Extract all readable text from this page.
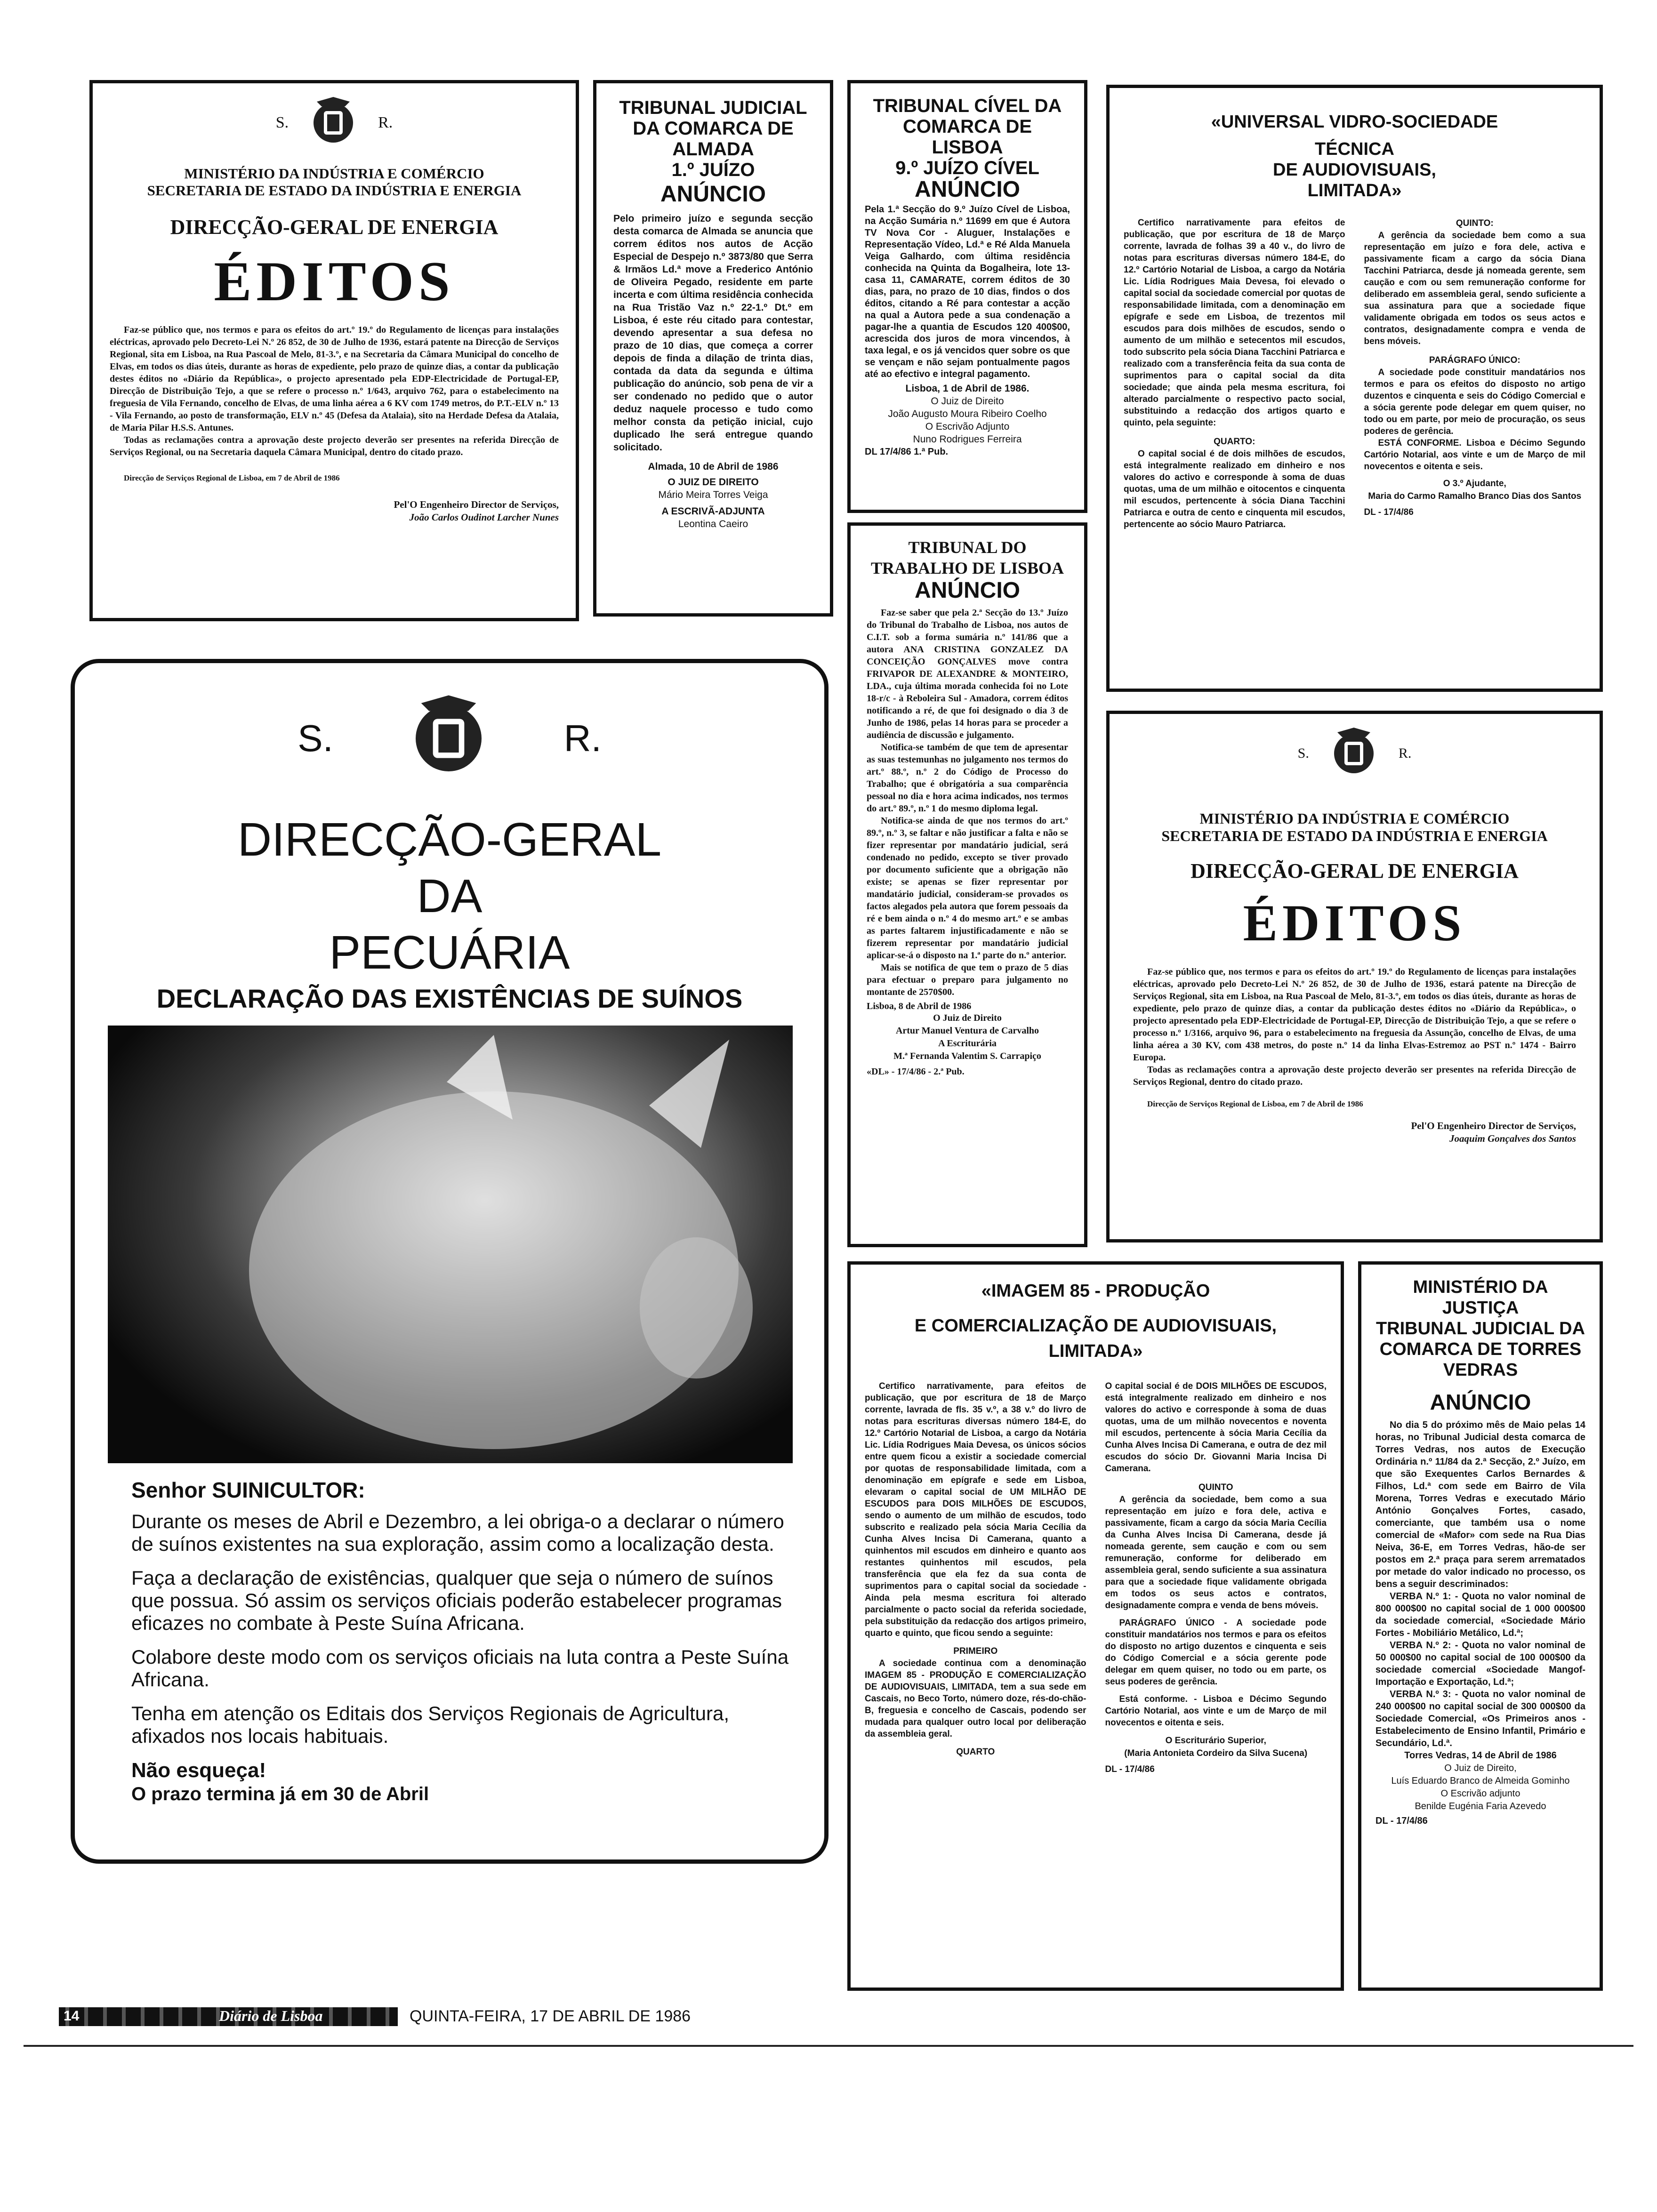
S.	R.

MINISTÉRIO DA INDÚSTRIA E COMÉRCIO

SECRETARIA DE ESTADO DA INDÚSTRIA E ENERGIA

DIRECÇÃO-GERAL DE ENERGIA

ÉDITOS

Faz-se público que, nos termos e para os efeitos do art.º 19.º do Regulamento de licenças para instalações eléctricas, aprovado pelo Decreto-Lei N.º 26 852, de 30 de Julho de 1936, estará patente na Direcção de Serviços Regional, sita em Lisboa, na Rua Pascoal de Melo, 81-3.º, e na Secretaria da Câmara Municipal do concelho de Elvas, em todos os dias úteis, durante as horas de expediente, pelo prazo de quinze dias, a contar da publicação destes éditos no «Diário da República», o projecto apresentado pela EDP-Electricidade de Portugal-EP, Direcção de Distribuição Tejo, a que se refere o processo n.º 1/643, arquivo 762, para o estabelecimento na freguesia de Vila Fernando, concelho de Elvas, de uma linha aérea a 6 KV com 1749 metros, do P.T.-ELV n.º 13 - Vila Fernando, ao posto de transformação, ELV n.º 45 (Defesa da Atalaia), sito na Herdade Defesa da Atalaia, de Maria Pilar H.S.S. Antunes.

Todas as reclamações contra a aprovação deste projecto deverão ser presentes na referida Direcção de Serviços Regional, ou na Secretaria daquela Câmara Municipal, dentro do citado prazo.

Direcção de Serviços Regional de Lisboa, em 7 de Abril de 1986

Pel'O Engenheiro Director de Serviços,

João Carlos Oudinot Larcher Nunes

TRIBUNAL JUDICIAL DA COMARCA DE ALMADA

1.º JUÍZO

ANÚNCIO

Pelo primeiro juízo e segunda secção desta comarca de Almada se anuncia que correm éditos nos autos de Acção Especial de Despejo n.º 3873/80 que Serra & Irmãos Ld.ª move a Frederico António de Oliveira Pegado, residente em parte incerta e com última residência conhecida na Rua Tristão Vaz n.º 22-1.º Dt.º em Lisboa, é este réu citado para contestar, devendo apresentar a sua defesa no prazo de 10 dias, que começa a correr depois de finda a dilação de trinta dias, contada da data da segunda e última publicação do anúncio, sob pena de vir a ser condenado no pedido que o autor deduz naquele processo e tudo como melhor consta da petição inicial, cujo duplicado lhe será entregue quando solicitado.

Almada, 10 de Abril de 1986

O JUIZ DE DIREITO

Mário Meira Torres Veiga

A ESCRIVÃ-ADJUNTA

Leontina Caeiro

TRIBUNAL CÍVEL DA COMARCA DE LISBOA

9.º JUÍZO CÍVEL

ANÚNCIO

Pela 1.ª Secção do 9.º Juízo Cível de Lisboa, na Acção Sumária n.º 11699 em que é Autora TV Nova Cor - Aluguer, Instalações e Representação Vídeo, Ld.ª e Ré Alda Manuela Veiga Galhardo, com última residência conhecida na Quinta da Bogalheira, lote 13-casa 11, CAMARATE, correm éditos de 30 dias, para, no prazo de 10 dias, findos o dos éditos, citando a Ré para contestar a acção na qual a Autora pede a sua condenação a pagar-lhe a quantia de Escudos 120 400$00, acrescida dos juros de mora vincendos, à taxa legal, e os já vencidos quer sobre os que se vençam e não sejam pontualmente pagos até ao efectivo e integral pagamento.

Lisboa, 1 de Abril de 1986.

O Juiz de Direito

João Augusto Moura Ribeiro Coelho

O Escrivão Adjunto

Nuno Rodrigues Ferreira

DL 17/4/86 1.ª Pub.

«UNIVERSAL VIDRO-SOCIEDADE

TÉCNICA

DE AUDIOVISUAIS,

LIMITADA»

Certifico narrativamente para efeitos de publicação, que por escritura de 18 de Março corrente, lavrada de folhas 39 a 40 v., do livro de notas para escrituras diversas número 184-E, do 12.º Cartório Notarial de Lisboa, a cargo da Notária Lic. Lídia Rodrigues Maia Devesa, foi elevado o capital social da sociedade comercial por quotas de responsabilidade limitada, com a denominação em epígrafe e sede em Lisboa, de trezentos mil escudos para dois milhões de escudos, sendo o aumento de um milhão e setecentos mil escudos, todo subscrito pela sócia Diana Tacchini Patriarca e realizado com a transferência feita da sua conta de suprimentos para o capital social da dita sociedade; que ainda pela mesma escritura, foi alterado parcialmente o respectivo pacto social, substituindo a redacção dos artigos quarto e quinto, pela seguinte:

QUARTO:

O capital social é de dois milhões de escudos, está integralmente realizado em dinheiro e nos valores do activo e corresponde à soma de duas quotas, uma de um milhão e oitocentos e cinquenta mil escudos, pertencente à sócia Diana Tacchini Patriarca e outra de cento e cinquenta mil escudos, pertencente ao sócio Mauro Patriarca.

QUINTO:

A gerência da sociedade bem como a sua representação em juízo e fora dele, activa e passivamente ficam a cargo da sócia Diana Tacchini Patriarca, desde já nomeada gerente, sem caução e com ou sem remuneração conforme for deliberado em assembleia geral, sendo suficiente a sua assinatura para que a sociedade fique validamente obrigada em todos os seus actos e contratos, designadamente compra e venda de bens móveis.

PARÁGRAFO ÚNICO:

A sociedade pode constituir mandatários nos termos e para os efeitos do disposto no artigo duzentos e cinquenta e seis do Código Comercial e a sócia gerente pode delegar em quem quiser, no todo ou em parte, por meio de procuração, os seus poderes de gerência.

ESTÁ CONFORME. Lisboa e Décimo Segundo Cartório Notarial, aos vinte e um de Março de mil novecentos e oitenta e seis.

O 3.º Ajudante,

Maria do Carmo Ramalho Branco Dias dos Santos

DL - 17/4/86

TRIBUNAL DO TRABALHO DE LISBOA

ANÚNCIO

Faz-se saber que pela 2.ª Secção do 13.º Juízo do Tribunal do Trabalho de Lisboa, nos autos de C.I.T. sob a forma sumária n.º 141/86 que a autora ANA CRISTINA GONZALEZ DA CONCEIÇÃO GONÇALVES move contra FRIVAPOR DE ALEXANDRE & MONTEIRO, LDA., cuja última morada conhecida foi no Lote 18-r/c - à Reboleira Sul - Amadora, correm éditos notificando a ré, de que foi designado o dia 3 de Junho de 1986, pelas 14 horas para se proceder a audiência de discussão e julgamento.

Notifica-se também de que tem de apresentar as suas testemunhas no julgamento nos termos do art.º 88.º, n.º 2 do Código de Processo do Trabalho; que é obrigatória a sua comparência pessoal no dia e hora acima indicados, nos termos do art.º 89.º, n.º 1 do mesmo diploma legal.

Notifica-se ainda de que nos termos do art.º 89.º, n.º 3, se faltar e não justificar a falta e não se fizer representar por mandatário judicial, será condenado no pedido, excepto se tiver provado por documento suficiente que a obrigação não existe; se apenas se fizer representar por mandatário judicial, consideram-se provados os factos alegados pela autora que forem pessoais da ré e bem ainda o n.º 4 do mesmo art.º e se ambas as partes faltarem injustificadamente e não se fizerem representar por mandatário judicial aplicar-se-á o disposto na 1.ª parte do n.º anterior.

Mais se notifica de que tem o prazo de 5 dias para efectuar o preparo para julgamento no montante de 2570$00.

Lisboa, 8 de Abril de 1986

O Juiz de Direito

Artur Manuel Ventura de Carvalho

A Escriturária

M.ª Fernanda Valentim S. Carrapiço

«DL» - 17/4/86 - 2.ª Pub.

S.	R.

MINISTÉRIO DA INDÚSTRIA E COMÉRCIO

SECRETARIA DE ESTADO DA INDÚSTRIA E ENERGIA

DIRECÇÃO-GERAL DE ENERGIA

ÉDITOS

Faz-se público que, nos termos e para os efeitos do art.º 19.º do Regulamento de licenças para instalações eléctricas, aprovado pelo Decreto-Lei N.º 26 852, de 30 de Julho de 1936, estará patente na Direcção de Serviços Regional, sita em Lisboa, na Rua Pascoal de Melo, 81-3.º, em todos os dias úteis, durante as horas de expediente, pelo prazo de quinze dias, a contar da publicação destes éditos no «Diário da República», o projecto apresentado pela EDP-Electricidade de Portugal-EP, Direcção de Distribuição Tejo, a que se refere o processo n.º 1/3166, arquivo 96, para o estabelecimento na freguesia da Assunção, concelho de Elvas, de uma linha aérea a 30 KV, com 438 metros, do poste n.º 14 da linha Elvas-Estremoz ao PST n.º 1474 - Bairro Europa.

Todas as reclamações contra a aprovação deste projecto deverão ser presentes na referida Direcção de Serviços Regional, dentro do citado prazo.

Direcção de Serviços Regional de Lisboa, em 7 de Abril de 1986

Pel'O Engenheiro Director de Serviços,

Joaquim Gonçalves dos Santos

S.	R.

DIRECÇÃO-GERAL

DA

PECUÁRIA

DECLARAÇÃO DAS EXISTÊNCIAS DE SUÍNOS

Senhor SUINICULTOR:

Durante os meses de Abril e Dezembro, a lei obriga-o a declarar o número de suínos existentes na sua exploração, assim como a localização desta.

Faça a declaração de existências, qualquer que seja o número de suínos que possua. Só assim os serviços oficiais poderão estabelecer programas eficazes no combate à Peste Suína Africana.

Colabore deste modo com os serviços oficiais na luta contra a Peste Suína Africana.

Tenha em atenção os Editais dos Serviços Regionais de Agricultura, afixados nos locais habituais.

Não esqueça!

O prazo termina já em 30 de Abril

«IMAGEM 85 - PRODUÇÃO

E COMERCIALIZAÇÃO DE AUDIOVISUAIS,

LIMITADA»

Certifico narrativamente, para efeitos de publicação, que por escritura de 18 de Março corrente, lavrada de fls. 35 v.º, a 38 v.º do livro de notas para escrituras diversas número 184-E, do 12.º Cartório Notarial de Lisboa, a cargo da Notária Lic. Lídia Rodrigues Maia Devesa, os únicos sócios entre quem ficou a existir a sociedade comercial por quotas de responsabilidade limitada, com a denominação em epígrafe e sede em Lisboa, elevaram o capital social de UM MILHÃO DE ESCUDOS para DOIS MILHÕES DE ESCUDOS, sendo o aumento de um milhão de escudos, todo subscrito e realizado pela sócia Maria Cecília da Cunha Alves Incisa Di Camerana, quanto a quinhentos mil escudos em dinheiro e quanto aos restantes quinhentos mil escudos, pela transferência que ela fez da sua conta de suprimentos para o capital social da sociedade - Ainda pela mesma escritura foi alterado parcialmente o pacto social da referida sociedade, pela substituição da redacção dos artigos primeiro, quarto e quinto, que ficou sendo a seguinte:

PRIMEIRO

A sociedade continua com a denominação IMAGEM 85 - PRODUÇÃO E COMERCIALIZAÇÃO DE AUDIOVISUAIS, LIMITADA, tem a sua sede em Cascais, no Beco Torto, número doze, rés-do-chão-B, freguesia e concelho de Cascais, podendo ser mudada para qualquer outro local por deliberação da assembleia geral.

QUARTO

O capital social é de DOIS MILHÕES DE ESCUDOS, está integralmente realizado em dinheiro e nos valores do activo e corresponde à soma de duas quotas, uma de um milhão novecentos e noventa mil escudos, pertencente à sócia Maria Cecília da Cunha Alves Incisa Di Camerana, e outra de dez mil escudos do sócio Dr. Giovanni Maria Incisa Di Camerana.

QUINTO

A gerência da sociedade, bem como a sua representação em juízo e fora dele, activa e passivamente, ficam a cargo da sócia Maria Cecília da Cunha Alves Incisa Di Camerana, desde já nomeada gerente, sem caução e com ou sem remuneração, conforme for deliberado em assembleia geral, sendo suficiente a sua assinatura para que a sociedade fique validamente obrigada em todos os seus actos e contratos, designadamente compra e venda de bens móveis.

PARÁGRAFO ÚNICO - A sociedade pode constituir mandatários nos termos e para os efeitos do disposto no artigo duzentos e cinquenta e seis do Código Comercial e a sócia gerente pode delegar em quem quiser, no todo ou em parte, os seus poderes de gerência.

Está conforme. - Lisboa e Décimo Segundo Cartório Notarial, aos vinte e um de Março de mil novecentos e oitenta e seis.

O Escriturário Superior,

(Maria Antonieta Cordeiro da Silva Sucena)

DL - 17/4/86

MINISTÉRIO DA JUSTIÇA

TRIBUNAL JUDICIAL DA COMARCA DE TORRES VEDRAS

ANÚNCIO

No dia 5 do próximo mês de Maio pelas 14 horas, no Tribunal Judicial desta comarca de Torres Vedras, nos autos de Execução Ordinária n.º 11/84 da 2.ª Secção, 2.º Juízo, em que são Exequentes Carlos Bernardes & Filhos, Ld.ª com sede em Bairro de Vila Morena, Torres Vedras e executado Mário António Gonçalves Fortes, casado, comerciante, que também usa o nome comercial de «Mafor» com sede na Rua Dias Neiva, 36-E, em Torres Vedras, hão-de ser postos em 2.ª praça para serem arrematados por metade do valor indicado no processo, os bens a seguir descriminados:

VERBA N.º 1: - Quota no valor nominal de 800 000$00 no capital social de 1 000 000$00 da sociedade comercial, «Sociedade Mário Fortes - Mobiliário Metálico, Ld.ª;

VERBA N.º 2: - Quota no valor nominal de 50 000$00 no capital social de 100 000$00 da sociedade comercial «Sociedade Mangof-Importação e Exportação, Ld.ª;

VERBA N.º 3: - Quota no valor nominal de 240 000$00 no capital social de 300 000$00 da Sociedade Comercial, «Os Primeiros anos - Estabelecimento de Ensino Infantil, Primário e Secundário, Ld.ª.

Torres Vedras, 14 de Abril de 1986

O Juiz de Direito,

Luís Eduardo Branco de Almeida Gominho

O Escrivão adjunto

Benilde Eugénia Faria Azevedo

DL - 17/4/86

14	Diário de Lisboa	QUINTA-FEIRA, 17 DE ABRIL DE 1986
